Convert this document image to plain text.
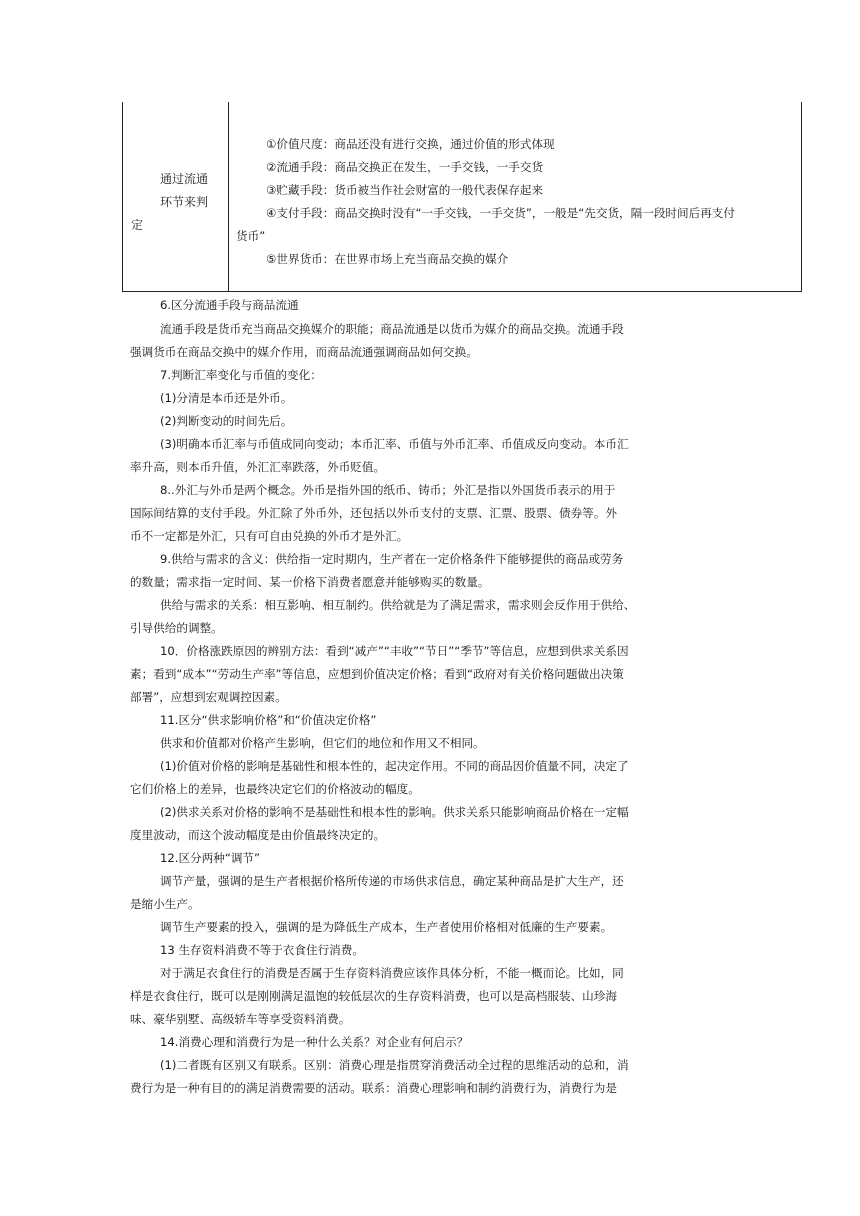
通过流通
环节来判
定
①价值尺度：商品还没有进行交换，通过价值的形式体现
②流通手段：商品交换正在发生，一手交钱，一手交货
③贮藏手段：货币被当作社会财富的一般代表保存起来
④支付手段：商品交换时没有“一手交钱，一手交货”，一般是“先交货，隔一段时间后再支付
货币”
⑤世界货币：在世界市场上充当商品交换的媒介
6.区分流通手段与商品流通
流通手段是货币充当商品交换媒介的职能；商品流通是以货币为媒介的商品交换。流通手段
强调货币在商品交换中的媒介作用，而商品流通强调商品如何交换。
7.判断汇率变化与币值的变化：
(1)分清是本币还是外币。
(2)判断变动的时间先后。
(3)明确本币汇率与币值成同向变动；本币汇率、币值与外币汇率、币值成反向变动。本币汇
率升高，则本币升值，外汇汇率跌落，外币贬值。
8..外汇与外币是两个概念。外币是指外国的纸币、铸币；外汇是指以外国货币表示的用于
国际间结算的支付手段。外汇除了外币外，还包括以外币支付的支票、汇票、股票、债券等。外
币不一定都是外汇，只有可自由兑换的外币才是外汇。
9.供给与需求的含义：供给指一定时期内，生产者在一定价格条件下能够提供的商品或劳务
的数量；需求指一定时间、某一价格下消费者愿意并能够购买的数量。
供给与需求的关系：相互影响、相互制约。供给就是为了满足需求，需求则会反作用于供给、
引导供给的调整。
10．价格涨跌原因的辨别方法：看到“减产”“丰收”“节日”“季节”等信息，应想到供求关系因
素；看到“成本”“劳动生产率”等信息，应想到价值决定价格；看到“政府对有关价格问题做出决策
部署”，应想到宏观调控因素。
11.区分“供求影响价格”和“价值决定价格”
供求和价值都对价格产生影响，但它们的地位和作用又不相同。
(1)价值对价格的影响是基础性和根本性的，起决定作用。不同的商品因价值量不同，决定了
它们价格上的差异，也最终决定它们的价格波动的幅度。
(2)供求关系对价格的影响不是基础性和根本性的影响。供求关系只能影响商品价格在一定幅
度里波动，而这个波动幅度是由价值最终决定的。
12.区分两种“调节”
调节产量，强调的是生产者根据价格所传递的市场供求信息，确定某种商品是扩大生产，还
是缩小生产。
调节生产要素的投入，强调的是为降低生产成本，生产者使用价格相对低廉的生产要素。
13 生存资料消费不等于衣食住行消费。
对于满足衣食住行的消费是否属于生存资料消费应该作具体分析，不能一概而论。比如，同
样是衣食住行，既可以是刚刚满足温饱的较低层次的生存资料消费，也可以是高档服装、山珍海
味、豪华别墅、高级轿车等享受资料消费。
14.消费心理和消费行为是一种什么关系？对企业有何启示？
(1)二者既有区别又有联系。区别：消费心理是指贯穿消费活动全过程的思维活动的总和，消
费行为是一种有目的的满足消费需要的活动。联系：消费心理影响和制约消费行为，消费行为是
